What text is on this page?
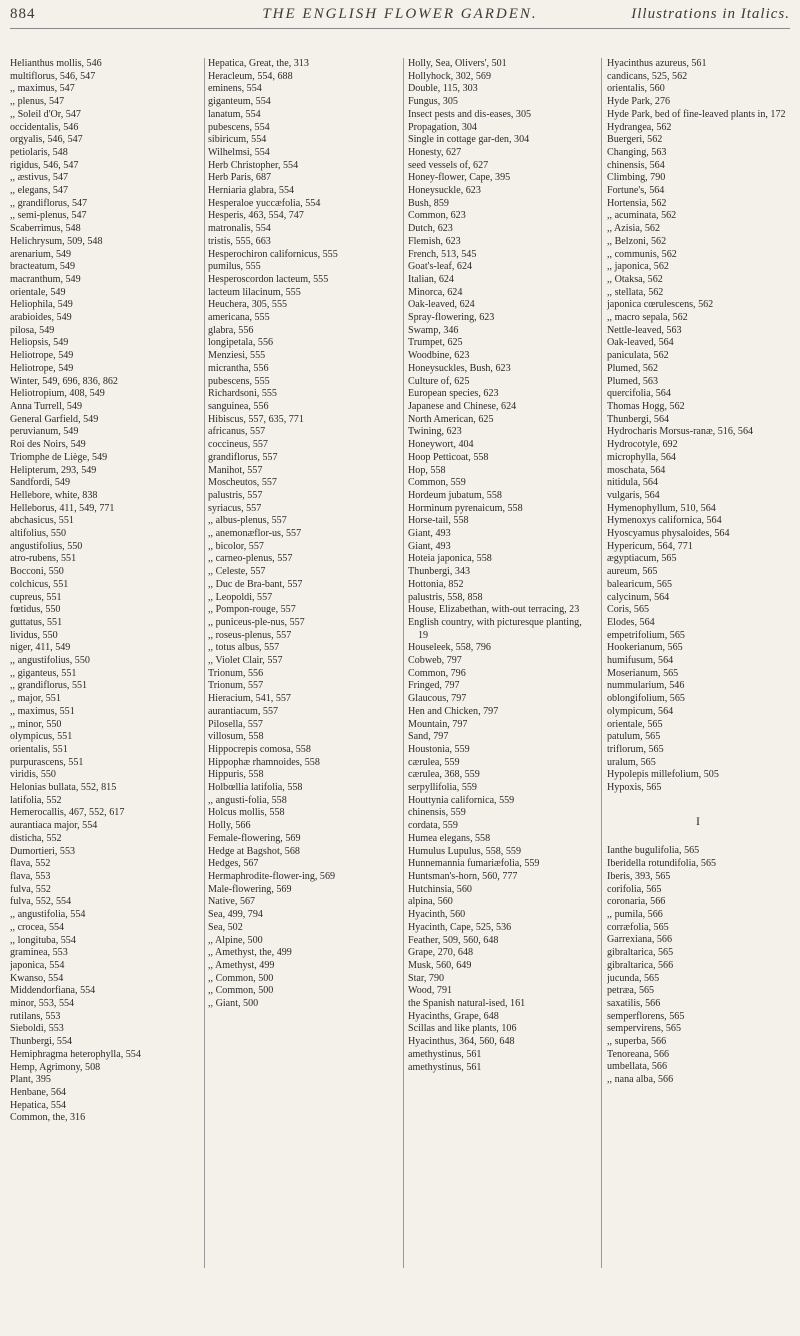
884	THE ENGLISH FLOWER GARDEN.	Illustrations in Italics.
Helianthus mollis, 546
multiflorus, 546, 547
,, maximus, 547
,, plenus, 547
,, Soleil d'Or, 547
occidentalis, 546
orgyalis, 546, 547
petiolaris, 548
rigidus, 546, 547
,, æstivus, 547
,, elegans, 547
,, grandiflorus, 547
,, semi-plenus, 547
Scaberrimus, 548
Helichrysum, 509, 548
arenarium, 549
bracteatum, 549
macranthum, 549
orientale, 549
Heliophila, 549
arabioides, 549
pilosa, 549
Heliopsis, 549
Heliotrope, 549
Heliotrope, 549
Winter, 549, 696, 836, 862
Heliotropium, 408, 549
Anna Turrell, 549
General Garfield, 549
peruvianum, 549
Roi des Noirs, 549
Triomphe de Liège, 549
Helipterum, 293, 549
Sandfordi, 549
Hellebore, white, 838
Helleborus, 411, 549, 771
abchasicus, 551
altifolius, 550
angustifolius, 550
atro-rubens, 551
Bocconi, 550
colchicus, 551
cupreus, 551
fœtidus, 550
guttatus, 551
lividus, 550
niger, 411, 549
,, angustifolius, 550
,, giganteus, 551
,, grandiflorus, 551
,, major, 551
,, maximus, 551
,, minor, 550
olympicus, 551
orientalis, 551
purpurascens, 551
viridis, 550
Helonias bullata, 552, 815
latifolia, 552
Hemerocallis, 467, 552, 617
aurantiaca major, 554
disticha, 552
Dumortieri, 553
flava, 552
flava, 553
fulva, 552
fulva, 552, 554
,, angustifolia, 554
,, crocea, 554
,, longituba, 554
graminea, 553
japonica, 554
Kwanso, 554
Middendorfiana, 554
minor, 553, 554
rutilans, 553
Sieboldi, 553
Thunbergi, 554
Hemiphragma heterophylla, 554
Hemp, Agrimony, 508
Plant, 395
Henbane, 564
Hepatica, 554
Common, the, 316
Hepatica, Great, the, 313
Heracleum, 554, 688
eminens, 554
giganteum, 554
lanatum, 554
pubescens, 554
sibiricum, 554
Wilhelmsi, 554
Herb Christopher, 554
Herb Paris, 687
Herniaria glabra, 554
Hesperaloe yuccæfolia, 554
Hesperis, 463, 554, 747
matronalis, 554
tristis, 555, 663
Hesperochiron californicus, 555
pumilus, 555
Hesperoscordon lacteum, 555
lacteum lilacinum, 555
Heuchera, 305, 555
americana, 555
glabra, 556
longipetala, 556
Menziesi, 555
micrantha, 556
pubescens, 555
Richardsoni, 555
sanguinea, 556
Hibiscus, 557, 635, 771
africanus, 557
coccineus, 557
grandiflorus, 557
Manihot, 557
Moscheutos, 557
palustris, 557
syriacus, 557
,, albus-plenus, 557
,, anemonæflor-us, 557
,, bicolor, 557
,, carneo-plenus, 557
,, Celeste, 557
,, Duc de Bra-bant, 557
,, Leopoldi, 557
,, Pompon-rouge, 557
,, puniceus-ple-nus, 557
,, roseus-plenus, 557
,, totus albus, 557
,, Violet Clair, 557
Trionum, 556
Trionum, 557
Hieracium, 541, 557
aurantiacum, 557
Pilosella, 557
villosum, 558
Hippocrepis comosa, 558
Hippophæ rhamnoides, 558
Hippuris, 558
Holbœllia latifolia, 558
,, angusti-folia, 558
Holcus mollis, 558
Holly, 566
Female-flowering, 569
Hedge at Bagshot, 568
Hedges, 567
Hermaphrodite-flower-ing, 569
Male-flowering, 569
Native, 567
Sea, 499, 794
Sea, 502
,, Alpine, 500
,, Amethyst, the, 499
,, Amethyst, 499
,, Common, 500
,, Common, 500
,, Giant, 500
Holly, Sea, Olivers', 501
Hollyhock, 302, 569
Double, 115, 303
Fungus, 305
Insect pests and dis-eases, 305
Propagation, 304
Single in cottage gar-den, 304
Honesty, 627
seed vessels of, 627
Honey-flower, Cape, 395
Honeysuckle, 623
Bush, 859
Common, 623
Dutch, 623
Flemish, 623
French, 513, 545
Goat's-leaf, 624
Italian, 624
Minorca, 624
Oak-leaved, 624
Spray-flowering, 623
Swamp, 346
Trumpet, 625
Woodbine, 623
Honeysuckles, Bush, 623
Culture of, 625
European species, 623
Japanese and Chinese, 624
North American, 625
Twining, 623
Honeywort, 404
Hoop Petticoat, 558
Hop, 558
Common, 559
Hordeum jubatum, 558
Horminum pyrenaicum, 558
Horse-tail, 558
Giant, 493
Giant, 493
Hoteia japonica, 558
Thunbergi, 343
Hottonia, 852
palustris, 558, 858
House, Elizabethan, with-out terracing, 23
English country, with picturesque planting, 19
Houseleek, 558, 796
Cobweb, 797
Common, 796
Fringed, 797
Glaucous, 797
Hen and Chicken, 797
Mountain, 797
Sand, 797
Houstonia, 559
cærulea, 559
cærulea, 368, 559
serpyllifolia, 559
Houttynia californica, 559
chinensis, 559
cordata, 559
Humea elegans, 558
Humulus Lupulus, 558, 559
Hunnemannia fumariæfolia, 559
Huntsman's-horn, 560, 777
Hutchinsia, 560
alpina, 560
Hyacinth, 560
Hyacinth, Cape, 525, 536
Feather, 509, 560, 648
Grape, 270, 648
Musk, 560, 649
Star, 790
Wood, 791
the Spanish natural-ised, 161
Hyacinths, Grape, 648
Scillas and like plants, 106
Hyacinthus, 364, 560, 648
amethystinus, 561
amethystinus, 561
Hyacinthus azureus, 561
candicans, 525, 562
orientalis, 560
Hyde Park, 276
Hyde Park, bed of fine-leaved plants in, 172
Hydrangea, 562
Buergeri, 562
Changing, 563
chinensis, 564
Climbing, 790
Fortune's, 564
Hortensia, 562
,, acuminata, 562
,, Azisia, 562
,, Belzoni, 562
,, communis, 562
,, japonica, 562
,, Otaksa, 562
,, stellata, 562
japonica cœrulescens, 562
,, macro sepala, 562
Nettle-leaved, 563
Oak-leaved, 564
paniculata, 562
Plumed, 562
Plumed, 563
quercifolia, 564
Thomas Hogg, 562
Thunbergi, 564
Hydrocharis Morsus-ranæ, 516, 564
Hydrocotyle, 692
microphylla, 564
moschata, 564
nitidula, 564
vulgaris, 564
Hymenophyllum, 510, 564
Hymenoxys californica, 564
Hyoscyamus physaloides, 564
Hypericum, 564, 771
ægyptiacum, 565
aureum, 565
balearicum, 565
calycinum, 564
Coris, 565
Elodes, 564
empetrifolium, 565
Hookerianum, 565
humifusum, 564
Moserianum, 565
nummularium, 546
oblongifolium, 565
olympicum, 564
orientale, 565
patulum, 565
triflorum, 565
uralum, 565
Hypolepis millefolium, 505
Hypoxis, 565
I
Ianthe bugulifolia, 565
Iberidella rotundifolia, 565
Iberis, 393, 565
corifolia, 565
coronaria, 566
,, pumila, 566
corræfolia, 565
Garrexiana, 566
gibraltarica, 565
gibraltarica, 566
jucunda, 565
petræa, 565
saxatilis, 566
semperflorens, 565
sempervirens, 565
,, superba, 566
Tenoreana, 566
umbellata, 566
,, nana alba, 566
